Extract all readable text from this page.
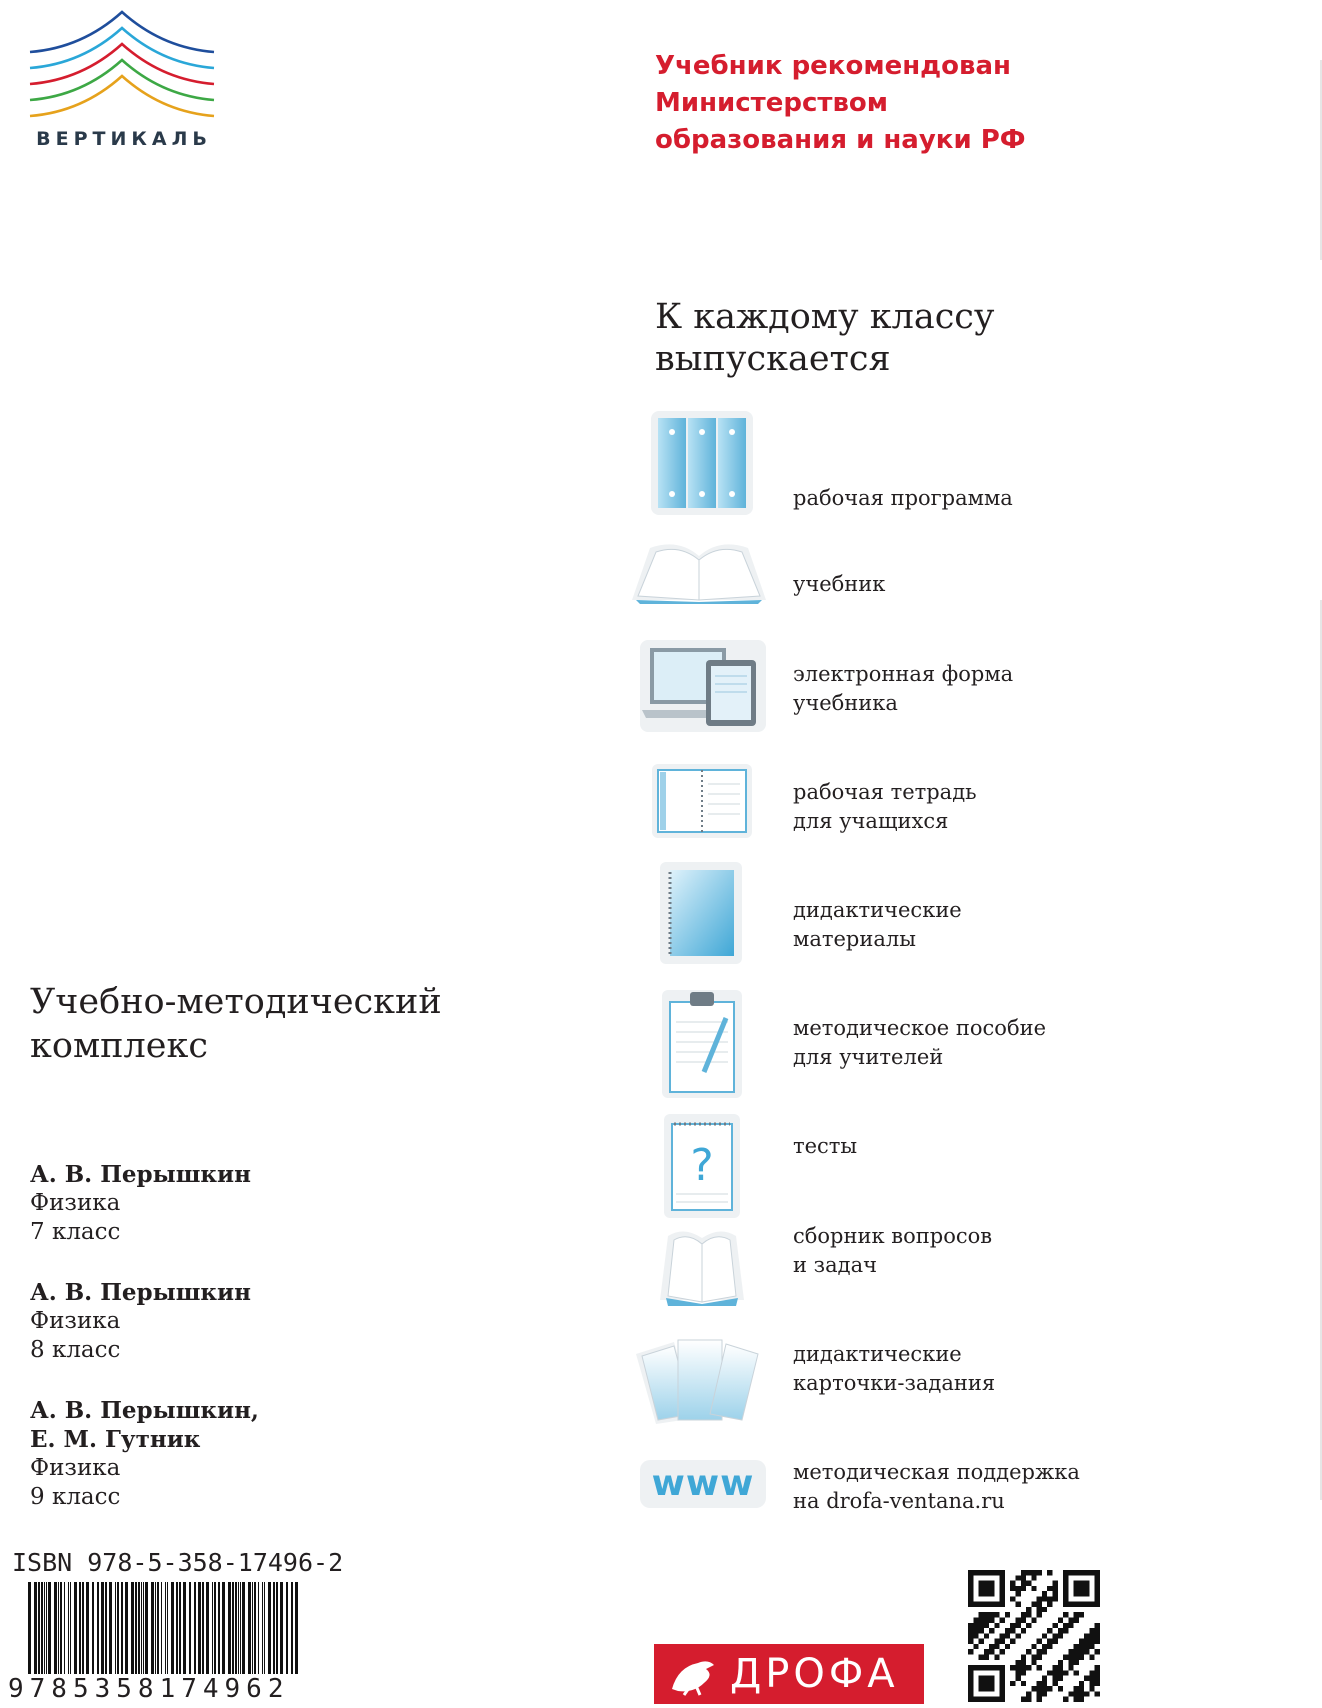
ВЕРТИКАЛЬ
Учебник рекомендован
Министерством
образования и науки РФ
К каждому классу
выпускается
рабочая программа
учебник
электронная форма
учебника
рабочая тетрадь
для учащихся
дидактические
материалы
методическое пособие
для учителей
?	тесты
сборник вопросов
и задач
дидактические
карточки-задания
www	методическая поддержка
на drofa-ventana.ru
Учебно-методический
комплекс
А. В. Перышкин
Физика
7 класс
А. В. Перышкин
Физика
8 класс
А. В. Перышкин,
Е. М. Гутник
Физика
9 класс
ISBN 978-5-358-17496-2
9785358174962	ДРОФА
